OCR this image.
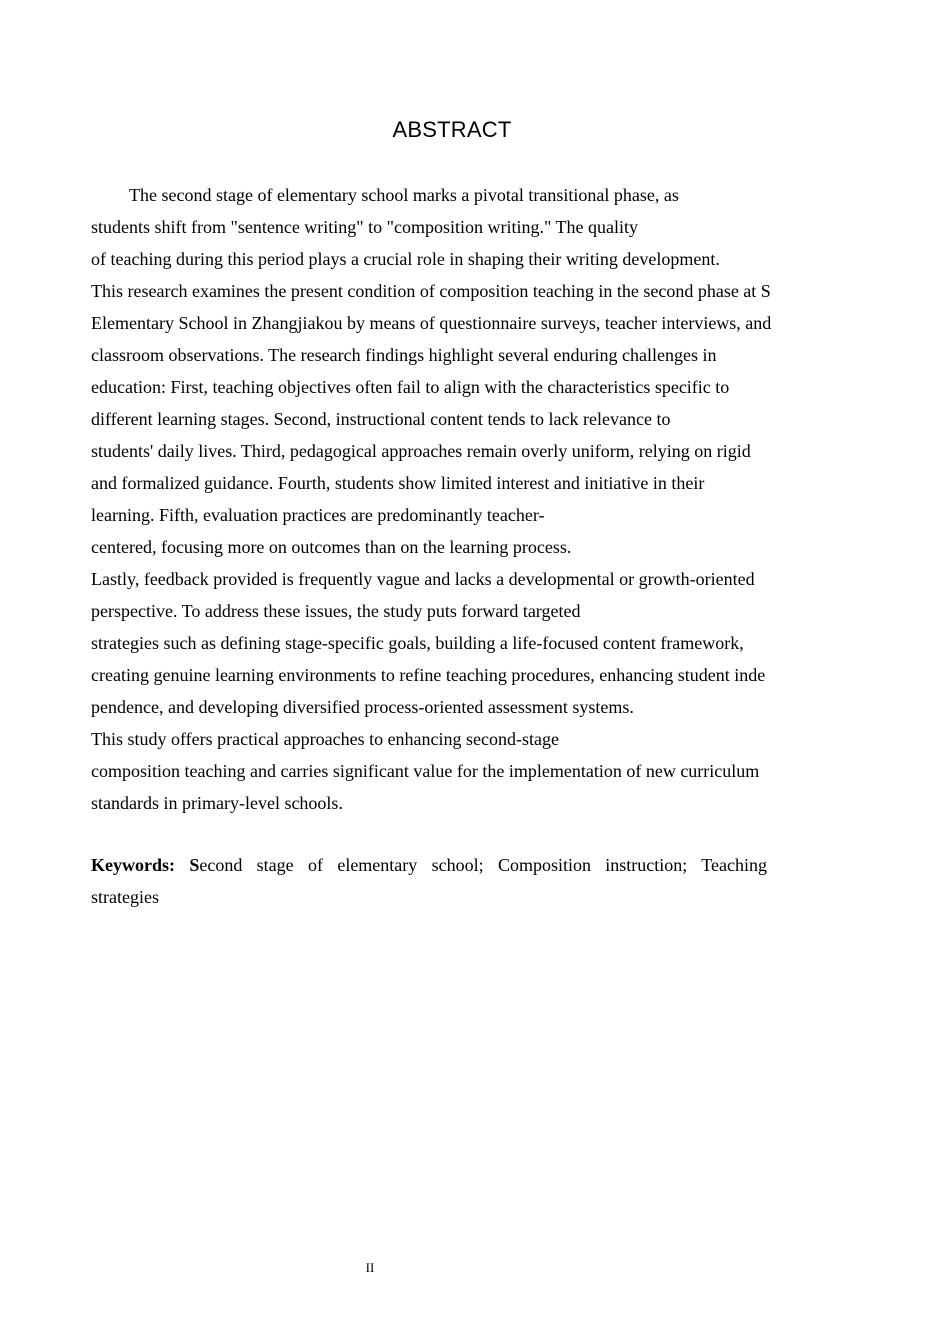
ABSTRACT
The second stage of elementary school marks a pivotal transitional phase, as
students shift from "sentence writing" to "composition writing." The quality
of teaching during this period plays a crucial role in shaping their writing development.
This research examines the present condition of composition teaching in the second phase at S
Elementary School in Zhangjiakou by means of questionnaire surveys, teacher interviews, and
classroom observations. The research findings highlight several enduring challenges in
education: First, teaching objectives often fail to align with the characteristics specific to
different learning stages. Second, instructional content tends to lack relevance to
students' daily lives. Third, pedagogical approaches remain overly uniform, relying on rigid
and formalized guidance. Fourth, students show limited interest and initiative in their
learning. Fifth, evaluation practices are predominantly teacher-
centered, focusing more on outcomes than on the learning process.
Lastly, feedback provided is frequently vague and lacks a developmental or growth-oriented
perspective. To address these issues, the study puts forward targeted
strategies such as defining stage-specific goals, building a life-focused content framework,
creating genuine learning environments to refine teaching procedures, enhancing student inde
pendence, and developing diversified process-oriented assessment systems.
This study offers practical approaches to enhancing second-stage
composition teaching and carries significant value for the implementation of new curriculum
standards in primary-level schools.
Keywords: Second stage of elementary school; Composition instruction; Teaching strategies
II
